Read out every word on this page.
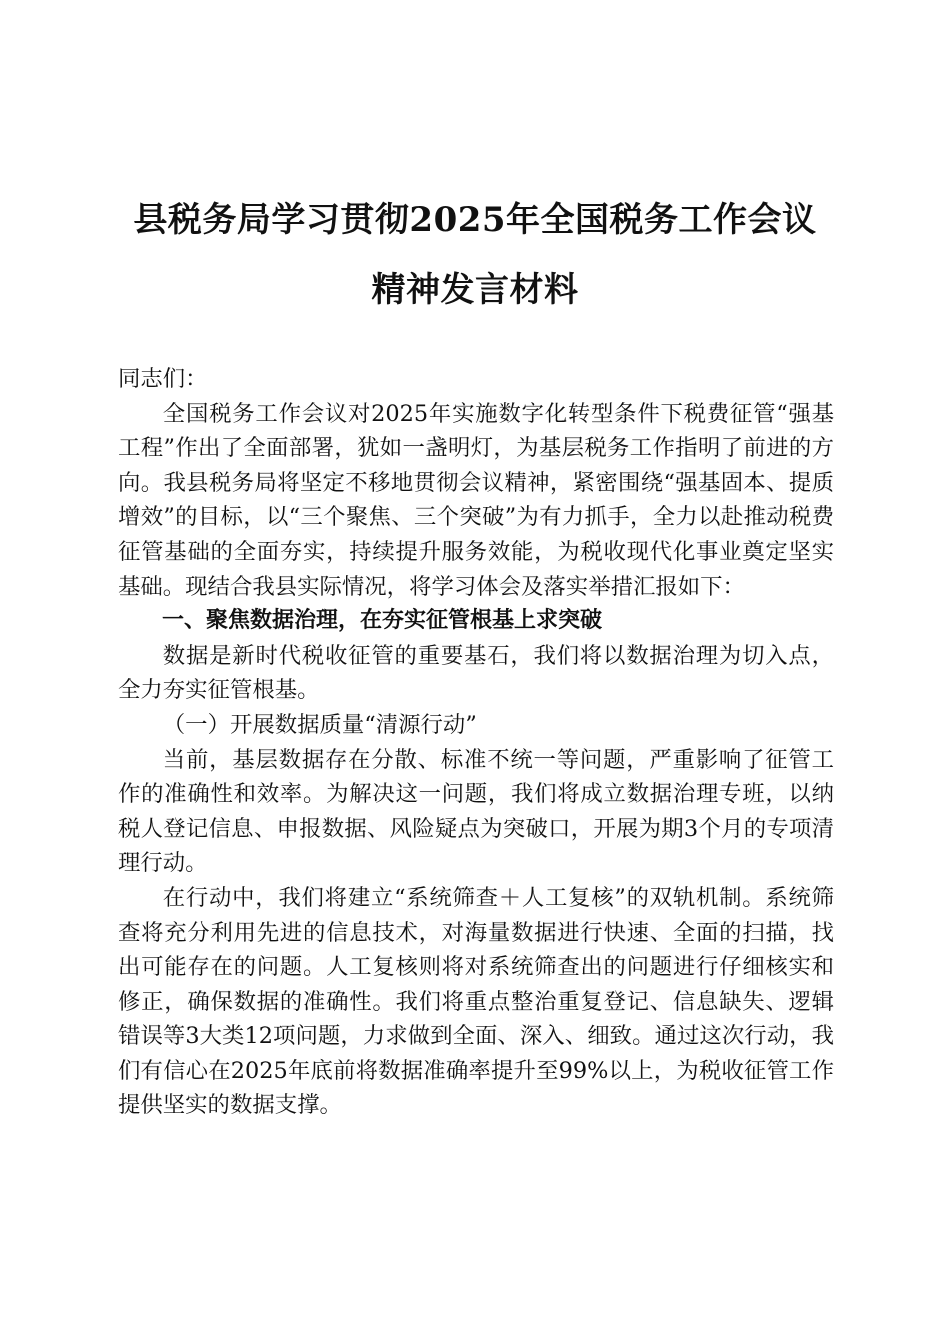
县税务局学习贯彻2025年全国税务工作会议
精神发言材料

同志们：

全国税务工作会议对2025年实施数字化转型条件下税费征管“强基工程”作出了全面部署，犹如一盏明灯，为基层税务工作指明了前进的方向。我县税务局将坚定不移地贯彻会议精神，紧密围绕“强基固本、提质增效”的目标，以“三个聚焦、三个突破”为有力抓手，全力以赴推动税费征管基础的全面夯实，持续提升服务效能，为税收现代化事业奠定坚实基础。现结合我县实际情况，将学习体会及落实举措汇报如下：

一、聚焦数据治理，在夯实征管根基上求突破

数据是新时代税收征管的重要基石，我们将以数据治理为切入点，全力夯实征管根基。

（一）开展数据质量“清源行动”

当前，基层数据存在分散、标准不统一等问题，严重影响了征管工作的准确性和效率。为解决这一问题，我们将成立数据治理专班，以纳税人登记信息、申报数据、风险疑点为突破口，开展为期3个月的专项清理行动。

在行动中，我们将建立“系统筛查＋人工复核”的双轨机制。系统筛查将充分利用先进的信息技术，对海量数据进行快速、全面的扫描，找出可能存在的问题。人工复核则将对系统筛查出的问题进行仔细核实和修正，确保数据的准确性。我们将重点整治重复登记、信息缺失、逻辑错误等3大类12项问题，力求做到全面、深入、细致。通过这次行动，我们有信心在2025年底前将数据准确率提升至99%以上，为税收征管工作提供坚实的数据支撑。
